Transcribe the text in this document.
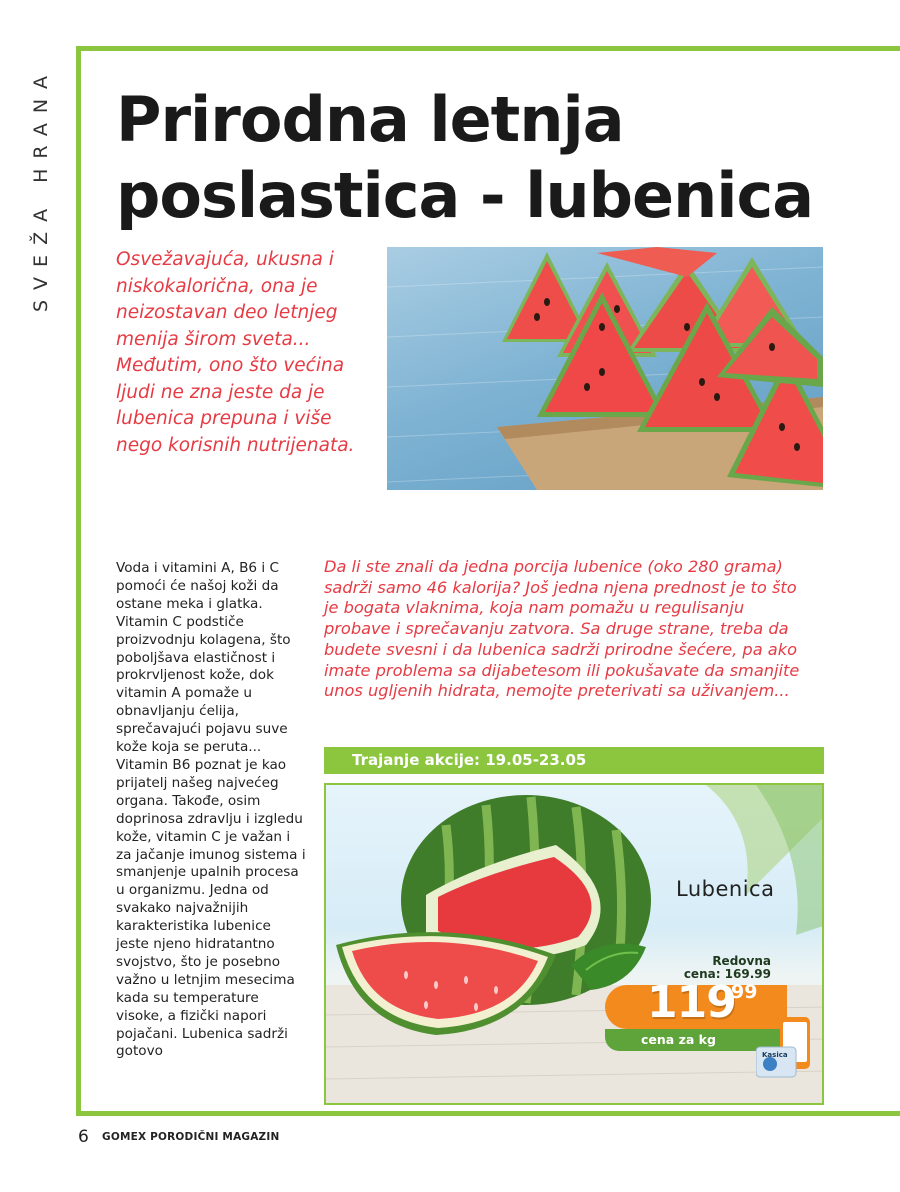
SVEŽA HRANA Prirodna letnja poslastica - lubenica

Osvežavajuća, ukusna i niskokalorična, ona je neizostavan deo letnjeg menija širom sveta... Međutim, ono što većina ljudi ne zna jeste da je lubenica prepuna i više nego korisnih nutrijenata.

Voda i vitamini A, B6 i C pomoći će našoj koži da ostane meka i glatka. Vitamin C podstiče proizvodnju kolagena, što poboljšava elastičnost i prokrvljenost kože, dok vitamin A pomaže u obnavljanju ćelija, sprečavajući pojavu suve kože koja se peruta... Vitamin B6 poznat je kao prijatelj našeg najvećeg organa. Takođe, osim doprinosa zdravlju i izgledu kože, vitamin C je važan i za jačanje imunog sistema i smanjenje upalnih procesa u organizmu. Jedna od svakako najvažnijih karakteristika lubenice jeste njeno hidratantno svojstvo, što je posebno važno u letnjim mesecima kada su temperature visoke, a fizički napori pojačani. Lubenica sadrži gotovo

Da li ste znali da jedna porcija lubenice (oko 280 grama) sadrži samo 46 kalorija? Još jedna njena prednost je to što je bogata vlaknima, koja nam pomažu u regulisanju probave i sprečavanju zatvora. Sa druge strane, treba da budete svesni i da lubenica sadrži prirodne šećere, pa ako imate problema sa dijabetesom ili pokušavate da smanjite unos ugljenih hidrata, nemojte preterivati sa uživanjem...

Trajanje akcije: 19.05-23.05
Lubenica
Redovna
cena: 169.99
119
99
cena za kg
Kasica
6 GOMEX PORODIČNI MAGAZIN
